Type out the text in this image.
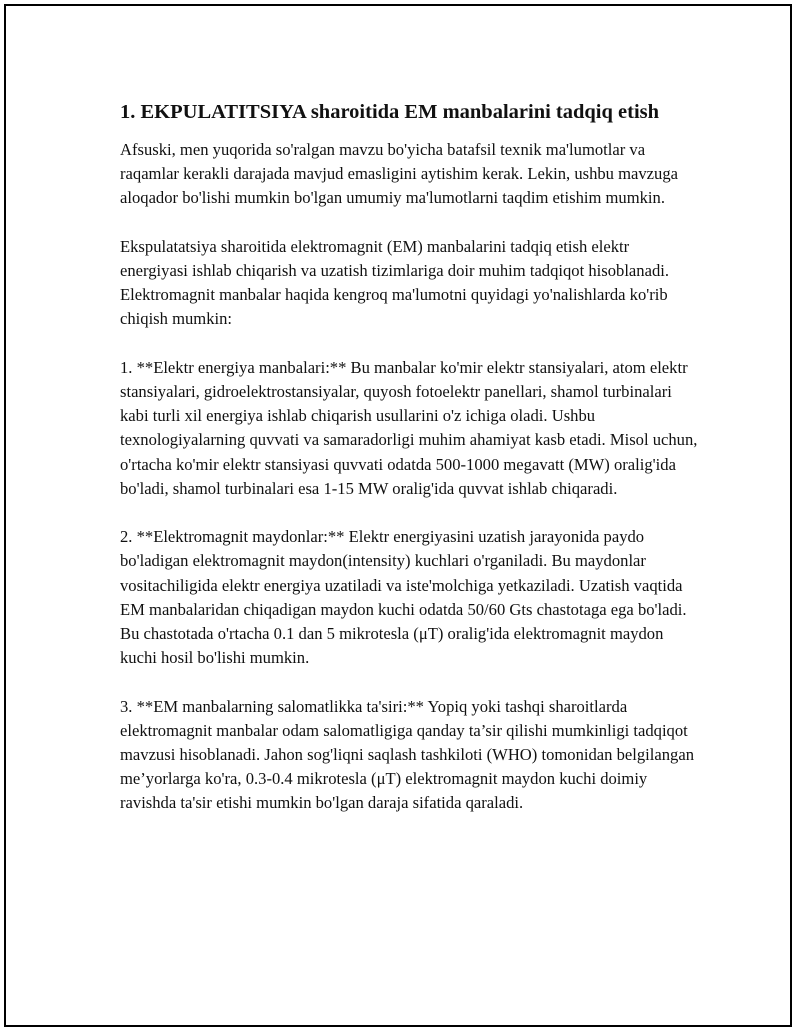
1. EKPULATITSIYA sharoitida EM manbalarini tadqiq etish

Afsuski, men yuqorida so'ralgan mavzu bo'yicha batafsil texnik ma'lumotlar va raqamlar kerakli darajada mavjud emasligini aytishim kerak. Lekin, ushbu mavzuga aloqador bo'lishi mumkin bo'lgan umumiy ma'lumotlarni taqdim etishim mumkin.

Ekspulatatsiya sharoitida elektromagnit (EM) manbalarini tadqiq etish elektr energiyasi ishlab chiqarish va uzatish tizimlariga doir muhim tadqiqot hisoblanadi. Elektromagnit manbalar haqida kengroq ma'lumotni quyidagi yo'nalishlarda ko'rib chiqish mumkin:

1. **Elektr energiya manbalari:** Bu manbalar ko'mir elektr stansiyalari, atom elektr stansiyalari, gidroelektrostansiyalar, quyosh fotoelektr panellari, shamol turbinalari kabi turli xil energiya ishlab chiqarish usullarini o'z ichiga oladi. Ushbu texnologiyalarning quvvati va samaradorligi muhim ahamiyat kasb etadi. Misol uchun, o'rtacha ko'mir elektr stansiyasi quvvati odatda 500-1000 megavatt (MW) oralig'ida bo'ladi, shamol turbinalari esa 1-15 MW oralig'ida quvvat ishlab chiqaradi.

2. **Elektromagnit maydonlar:** Elektr energiyasini uzatish jarayonida paydo bo'ladigan elektromagnit maydon(intensity) kuchlari o'rganiladi. Bu maydonlar vositachiligida elektr energiya uzatiladi va iste'molchiga yetkaziladi. Uzatish vaqtida EM manbalaridan chiqadigan maydon kuchi odatda 50/60 Gts chastotaga ega bo'ladi. Bu chastotada o'rtacha 0.1 dan 5 mikrotesla (μT) oralig'ida elektromagnit maydon kuchi hosil bo'lishi mumkin.

3. **EM manbalarning salomatlikka ta'siri:** Yopiq yoki tashqi sharoitlarda elektromagnit manbalar odam salomatligiga qanday ta’sir qilishi mumkinligi tadqiqot mavzusi hisoblanadi. Jahon sog'liqni saqlash tashkiloti (WHO) tomonidan belgilangan me’yorlarga ko'ra, 0.3-0.4 mikrotesla (μT) elektromagnit maydon kuchi doimiy ravishda ta'sir etishi mumkin bo'lgan daraja sifatida qaraladi.
